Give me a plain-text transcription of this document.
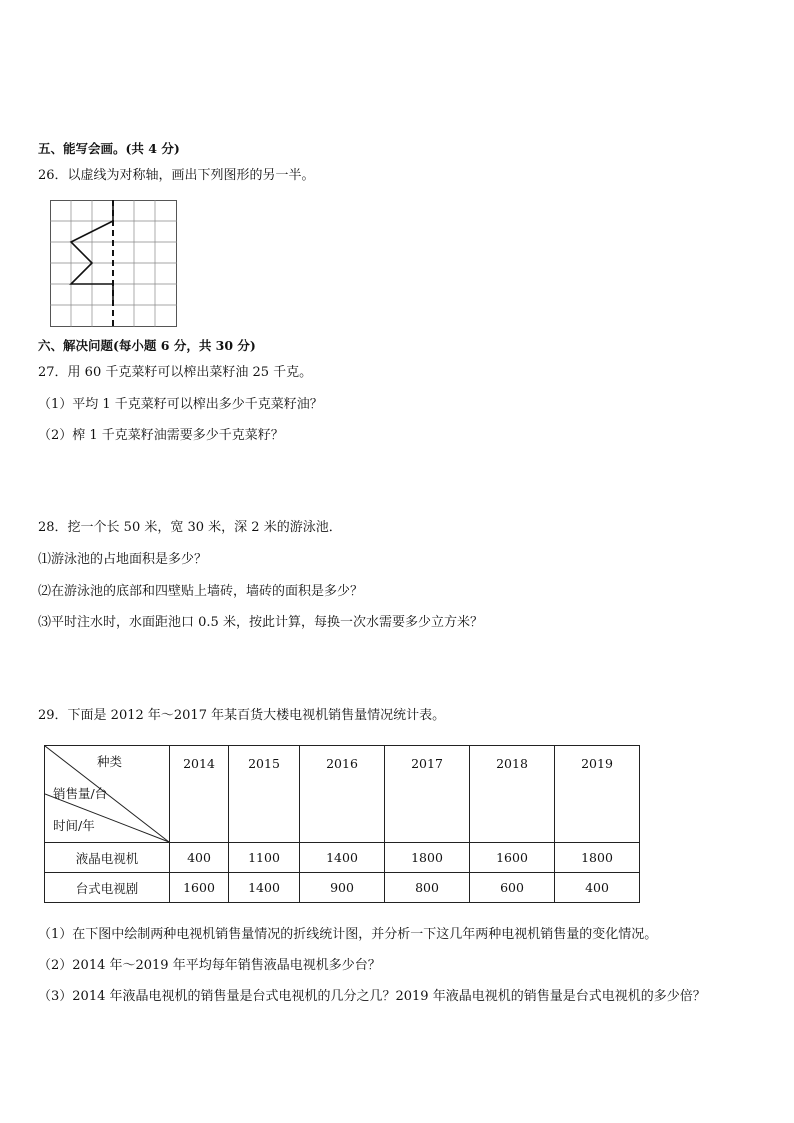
五、能写会画。(共 4 分)
26．以虚线为对称轴，画出下列图形的另一半。
六、解决问题(每小题 6 分，共 30 分)
27．用 60 千克菜籽可以榨出菜籽油 25 千克。
（1）平均 1 千克菜籽可以榨出多少千克菜籽油？
（2）榨 1 千克菜籽油需要多少千克菜籽？
28．挖一个长 50 米，宽 30 米，深 2 米的游泳池．
⑴游泳池的占地面积是多少？
⑵在游泳池的底部和四壁贴上墙砖，墙砖的面积是多少？
⑶平时注水时，水面距池口 0.5 米，按此计算，每换一次水需要多少立方米？
29．下面是 2012 年～2017 年某百货大楼电视机销售量情况统计表。
种类
销售量/台
时间/年	2014	2015	2016	2017	2018	2019
液晶电视机	400	1100	1400	1800	1600	1800
台式电视剧	1600	1400	900	800	600	400
（1）在下图中绘制两种电视机销售量情况的折线统计图，并分析一下这几年两种电视机销售量的变化情况。
（2）2014 年～2019 年平均每年销售液晶电视机多少台？
（3）2014 年液晶电视机的销售量是台式电视机的几分之几？2019 年液晶电视机的销售量是台式电视机的多少倍？
